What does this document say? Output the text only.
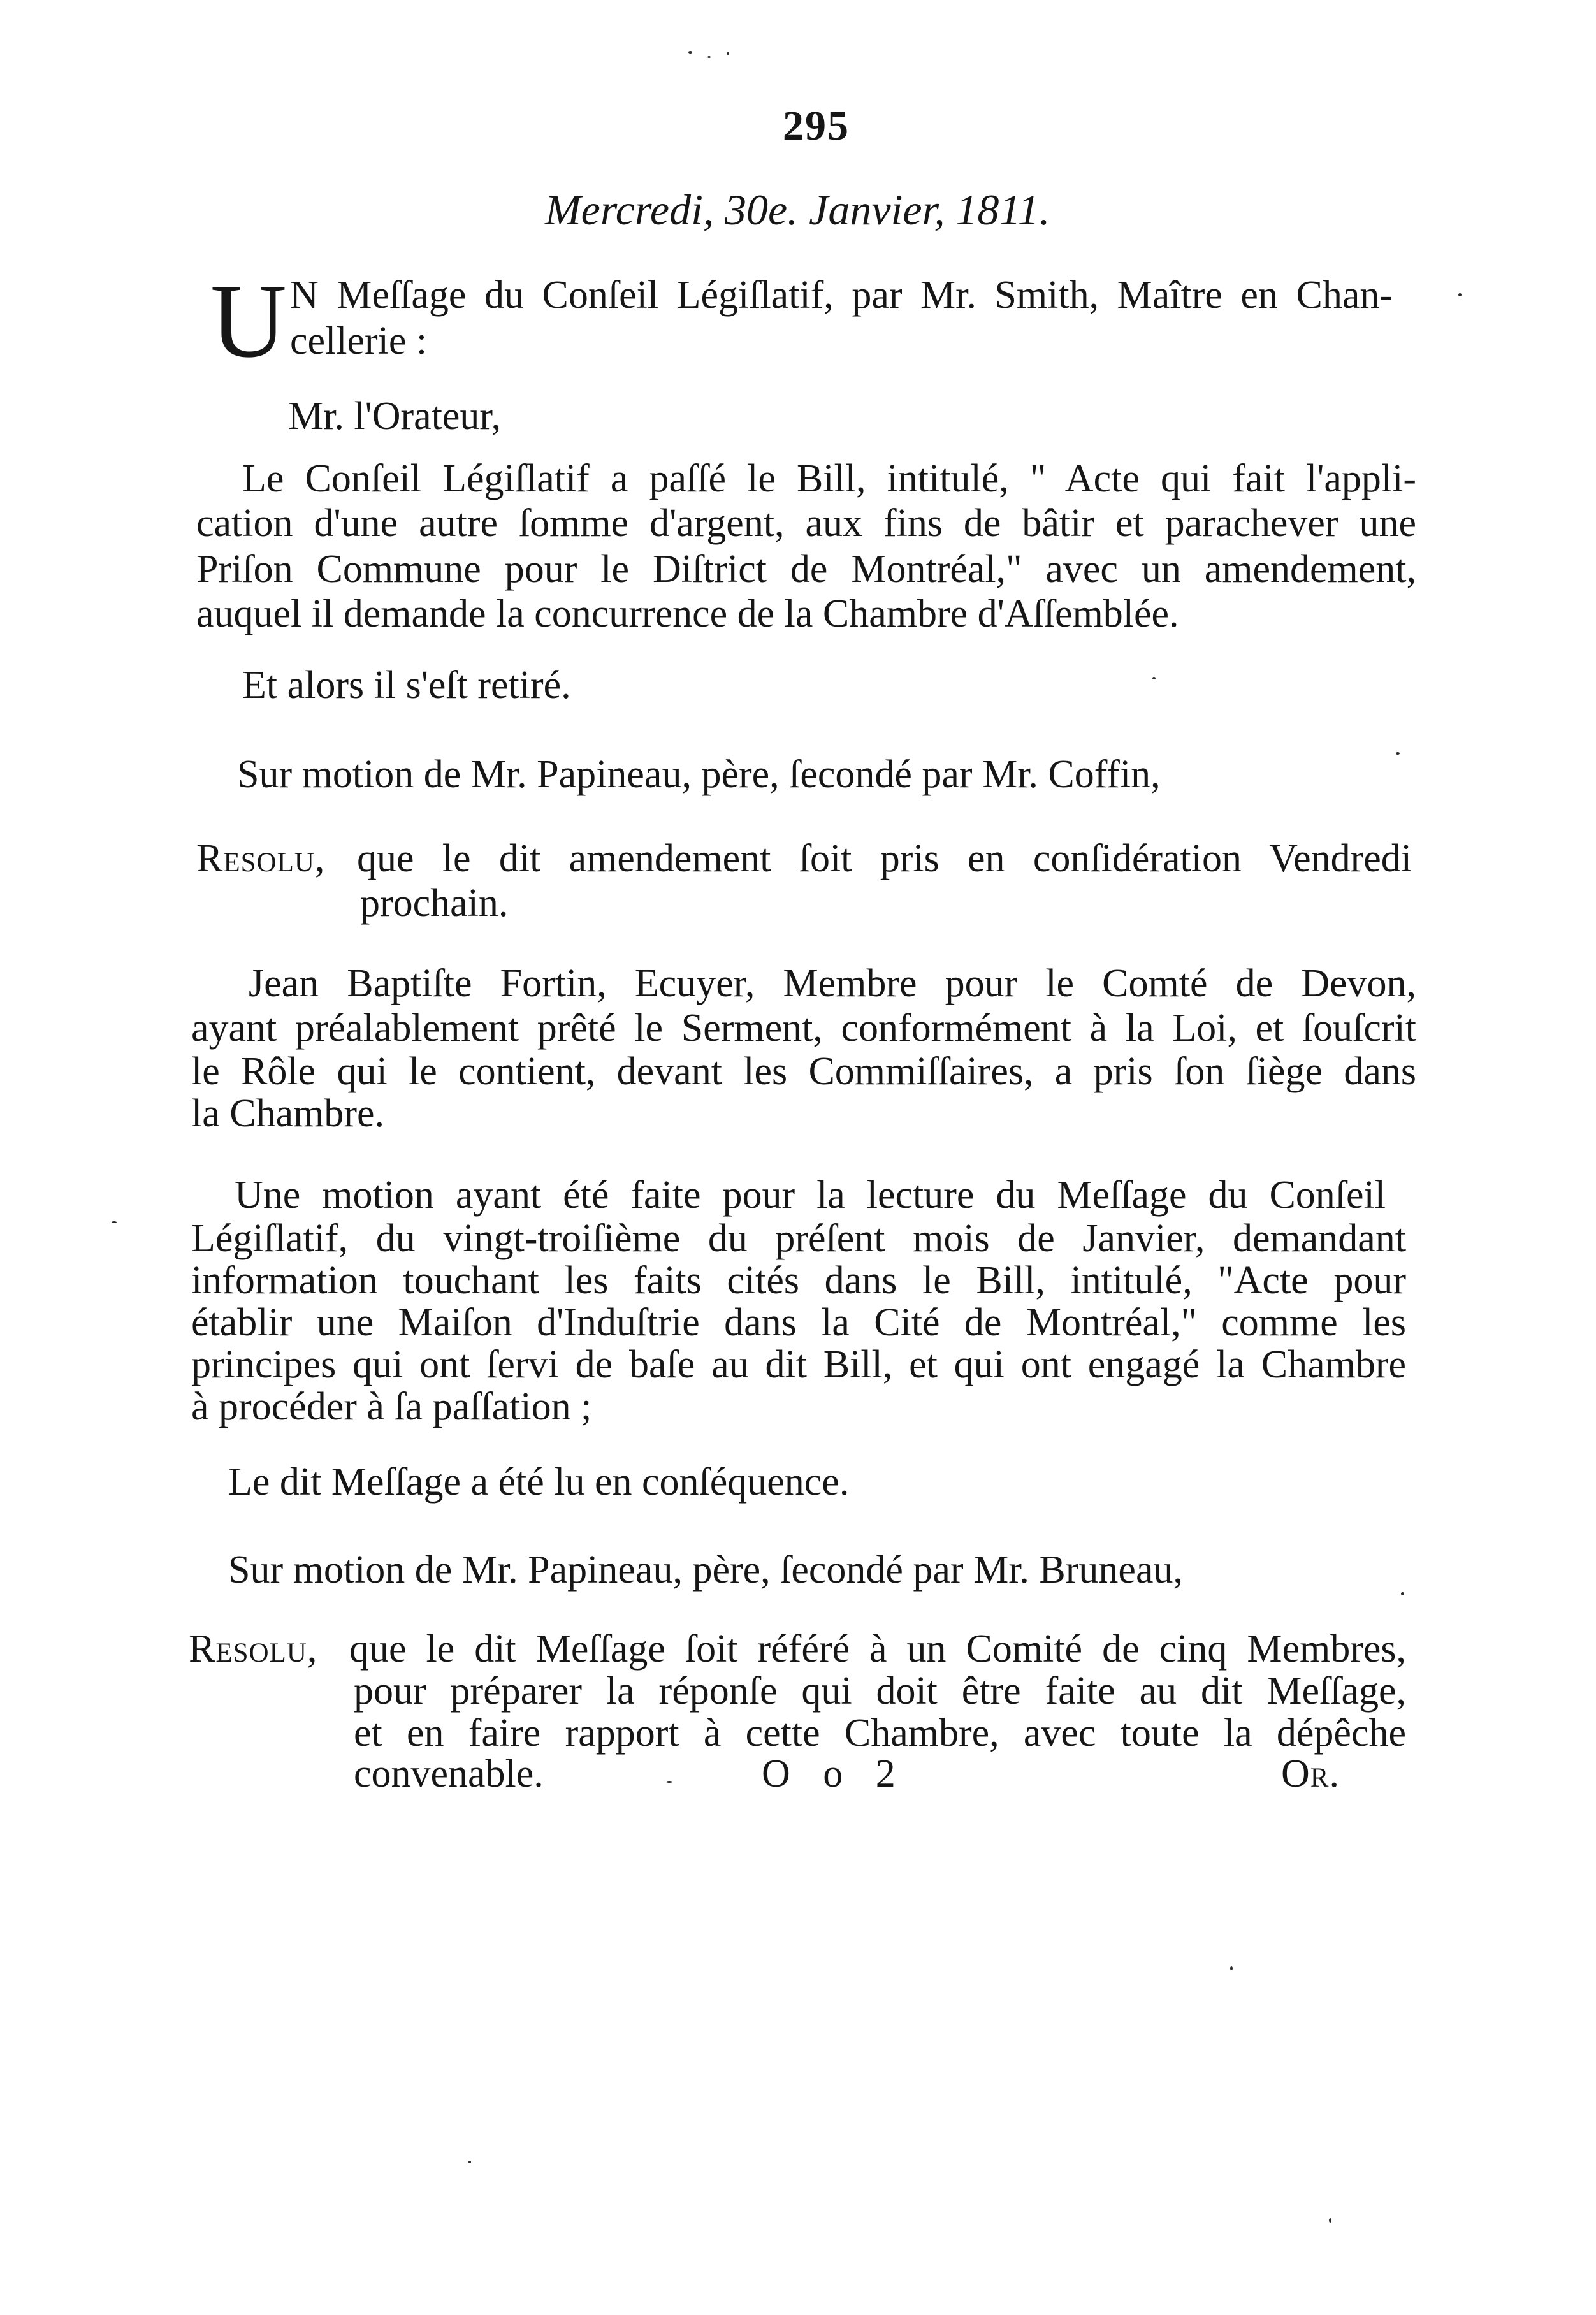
295
Mercredi, 30e. Janvier, 1811.
U N Meſſage du Conſeil Légiſlatif, par Mr. Smith, Maître en Chan-
cellerie :
Mr. l'Orateur,
Le Conſeil Légiſlatif a paſſé le Bill, intitulé, " Acte qui fait l'appli-
cation d'une autre ſomme d'argent, aux fins de bâtir et parachever une
Priſon Commune pour le Diſtrict de Montréal," avec un amendement,
auquel il demande la concurrence de la Chambre d'Aſſemblée.
Et alors il s'eſt retiré.
Sur motion de Mr. Papineau, père, ſecondé par Mr. Coffin,
Resolu, que le dit amendement ſoit pris en conſidération Vendredi
prochain.
Jean Baptiſte Fortin, Ecuyer, Membre pour le Comté de Devon,
ayant préalablement prêté le Serment, conformément à la Loi, et ſouſcrit
le Rôle qui le contient, devant les Commiſſaires, a pris ſon ſiège dans
la Chambre.
Une motion ayant été faite pour la lecture du Meſſage du Conſeil
Légiſlatif, du vingt-troiſième du préſent mois de Janvier, demandant
information touchant les faits cités dans le Bill, intitulé, "Acte pour
établir une Maiſon d'Induſtrie dans la Cité de Montréal," comme les
principes qui ont ſervi de baſe au dit Bill, et qui ont engagé la Chambre
à procéder à ſa paſſation ;
Le dit Meſſage a été lu en conſéquence.
Sur motion de Mr. Papineau, père, ſecondé par Mr. Bruneau,
Resolu, que le dit Meſſage ſoit référé à un Comité de cinq Membres,
pour préparer la réponſe qui doit être faite au dit Meſſage,
et en faire rapport à cette Chambre, avec toute la dépêche
convenable.	O o 2	Or.
